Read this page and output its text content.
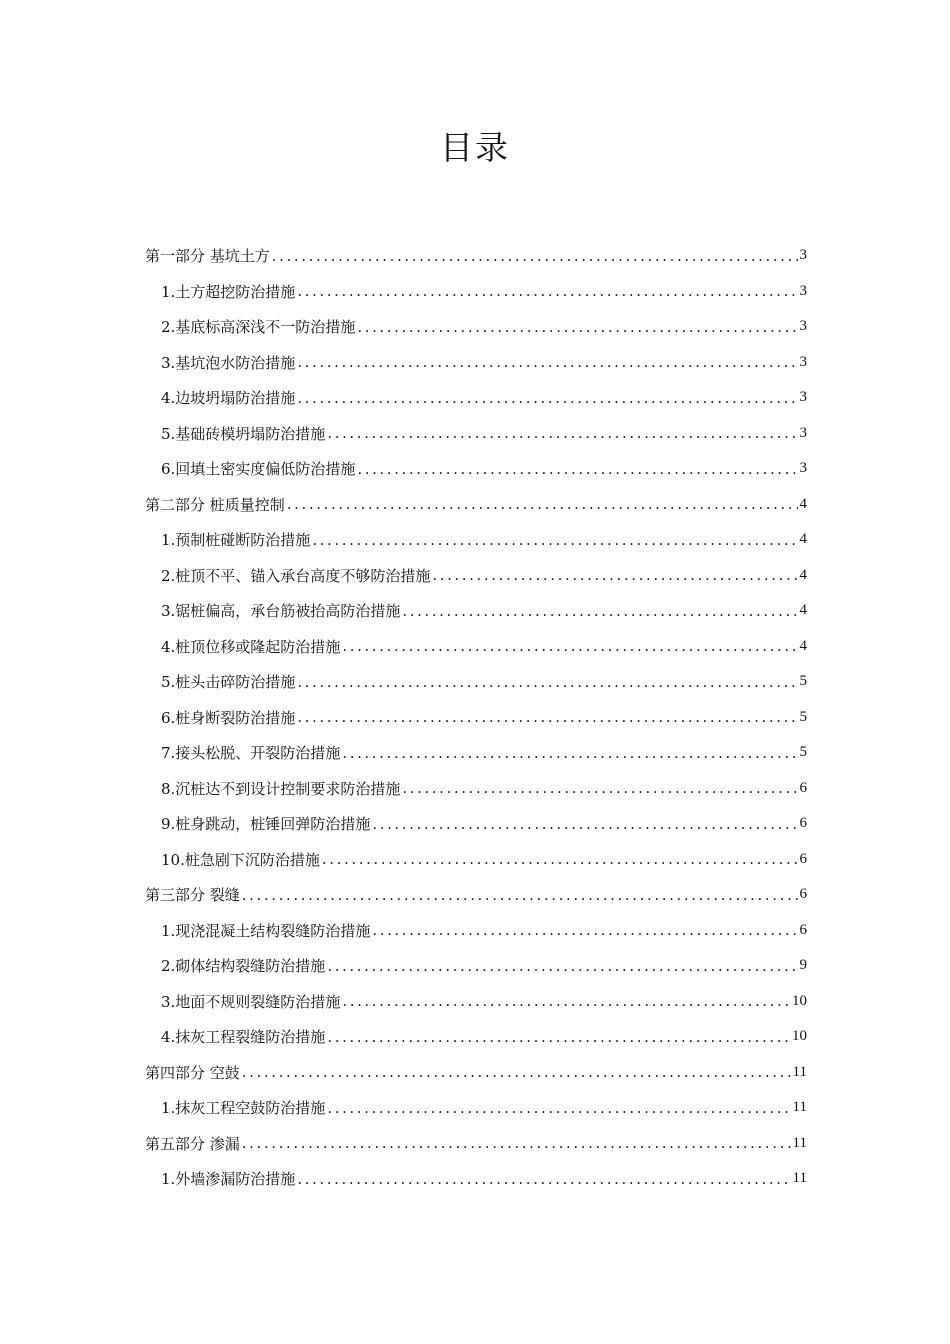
目录
第一部分 基坑土方 .....	3
1.土方超挖防治措施 .....	3
2.基底标高深浅不一防治措施 .....	3
3.基坑泡水防治措施 .....	3
4.边坡坍塌防治措施 .....	3
5.基础砖模坍塌防治措施 .....	3
6.回填土密实度偏低防治措施 .....	3
第二部分 桩质量控制 .....	4
1.预制桩碰断防治措施 .....	4
2.桩顶不平、锚入承台高度不够防治措施 .....	4
3.锯桩偏高，承台筋被抬高防治措施 .....	4
4.桩顶位移或隆起防治措施 .....	4
5.桩头击碎防治措施 .....	5
6.桩身断裂防治措施 .....	5
7.接头松脱、开裂防治措施 .....	5
8.沉桩达不到设计控制要求防治措施 .....	6
9.桩身跳动，桩锤回弹防治措施 .....	6
10.桩急剧下沉防治措施 .....	6
第三部分 裂缝 .....	6
1.现浇混凝土结构裂缝防治措施 .....	6
2.砌体结构裂缝防治措施 .....	9
3.地面不规则裂缝防治措施 .....	10
4.抹灰工程裂缝防治措施 .....	10
第四部分 空鼓 .....	11
1.抹灰工程空鼓防治措施 .....	11
第五部分 渗漏 .....	11
1.外墙渗漏防治措施 .....	11
